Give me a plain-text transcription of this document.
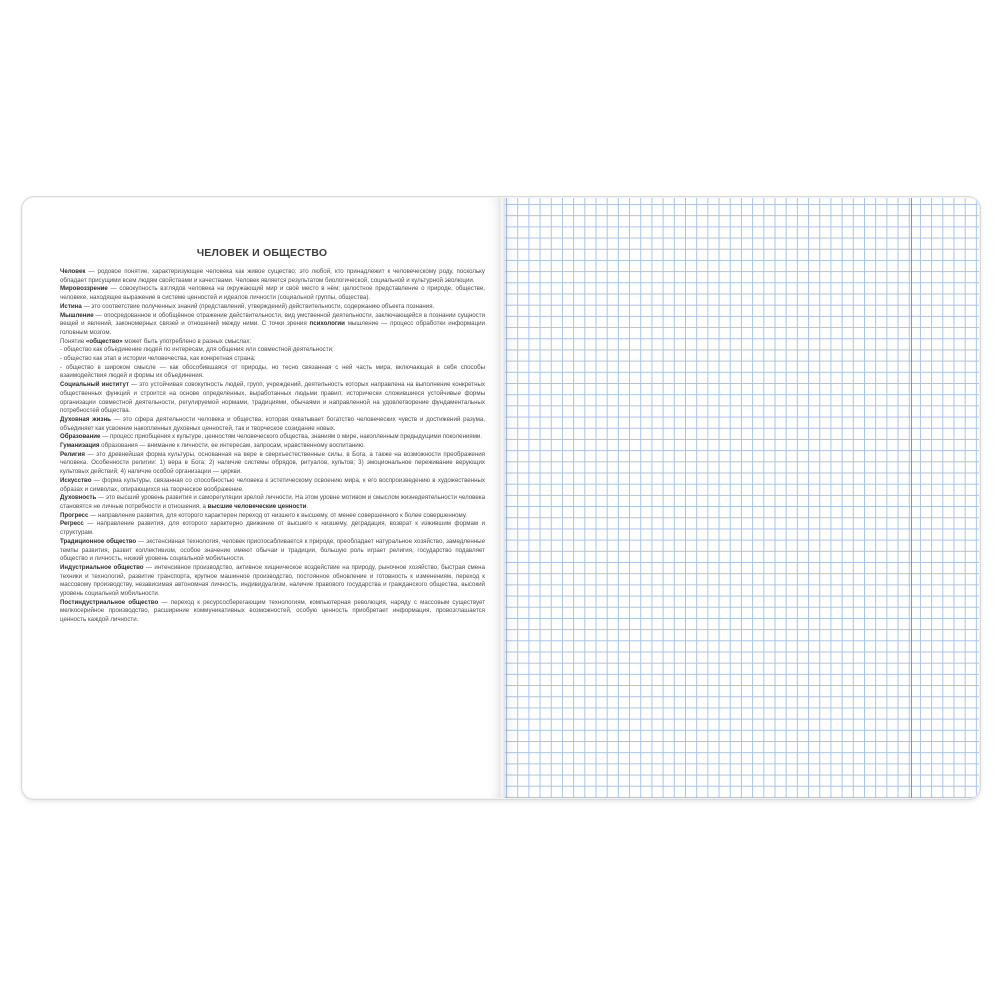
ЧЕЛОВЕК И ОБЩЕСТВО

Человек — родовое понятие, характеризующее человека как живое существо; это любой, кто принадлежит к человеческому роду, поскольку обладает присущими всем людям свойствами и качествами. Человек является результатом биологической, социальной и культурной эволюции.

Мировоззрение — совокупность взглядов человека на окружающий мир и своё место в нём; целостное представление о природе, обществе, человеке, находящее выражение в системе ценностей и идеалов личности (социальной группы, общества).

Истина — это соответствие полученных знаний (представлений, утверждений) действительности, содержанию объекта познания.

Мышление — опосредованное и обобщённое отражение действительности, вид умственной деятельности, заключающейся в познании сущности вещей и явлений, закономерных связей и отношений между ними. С точки зрения психологии мышление — процесс обработки информации головным мозгом.

Понятие «общество» может быть употреблено в разных смыслах:

- общество как объединение людей по интересам, для общения или совместной деятельности;

- общество как этап в истории человечества, как конкретная страна;

- общество в широком смысле — как обособившаяся от природы, но тесно связанная с ней часть мира, включающая в себя способы взаимодействия людей и формы их объединения.

Социальный институт — это устойчивая совокупность людей, групп, учреждений, деятельность которых направлена на выполнение конкретных общественных функций и строится на основе определенных, выработанных людьми правил; исторически сложившиеся устойчивые формы организации совместной деятельности, регулируемой нормами, традициями, обычаями и направленной на удовлетворение фундаментальных потребностей общества.

Духовная жизнь — это сфера деятельности человека и общества, которая охватывает богатство человеческих чувств и достижений разума, объединяет как усвоение накопленных духовных ценностей, так и творческое созидание новых.

Образование — процесс приобщения к культуре, ценностям человеческого общества, знаниям о мире, накопленным предыдущими поколениями.

Гуманизация образования — внимание к личности, ее интересам, запросам, нравственному воспитанию.

Религия — это древнейшая форма культуры, основанная на вере в сверхъестественные силы, в Бога, а также на возможности преображения человека. Особенности религии: 1) вера в Бога; 2) наличие системы обрядов, ритуалов, культов; 3) эмоциональное переживание верующих культовых действий; 4) наличие особой организации — церкви.

Искусство — форма культуры, связанная со способностью человека к эстетическому освоению мира, к его воспроизведению в художественных образах и символах, опирающихся на творческое воображение.

Духовность — это высший уровень развития и саморегуляции зрелой личности. На этом уровне мотивом и смыслом жизнедеятельности человека становятся не личные потребности и отношения, а высшие человеческие ценности.

Прогресс — направление развития, для которого характерен переход от низшего к высшему, от менее совершенного к более совершенному.

Регресс — направление развития, для которого характерно движение от высшего к низшему, деградация, возврат к изжившим формам и структурам.

Традиционное общество — экстенсивная технология, человек приспосабливается к природе, преобладает натуральное хозяйство, замедленные темпы развития, развит коллективизм, особое значение имеют обычаи и традиции, большую роль играет религия, государство подавляет общество и личность, низкий уровень социальной мобильности.

Индустриальное общество — интенсивное производство, активное хищническое воздействие на природу, рыночное хозяйство, быстрая смена техники и технологий, развитие транспорта, крупное машинное производство, постоянное обновление и готовность к изменениям, переход к массовому производству, независимая автономная личность, индивидуализм, наличие правового государства и гражданского общества, высокий уровень социальной мобильности.

Постиндустриальное общество — переход к ресурсосберегающим технологиям, компьютерная революция, наряду с массовым существует мелкосерийное производство, расширение коммуникативных возможностей, особую ценность приобретает информация, провозглашается ценность каждой личности.
